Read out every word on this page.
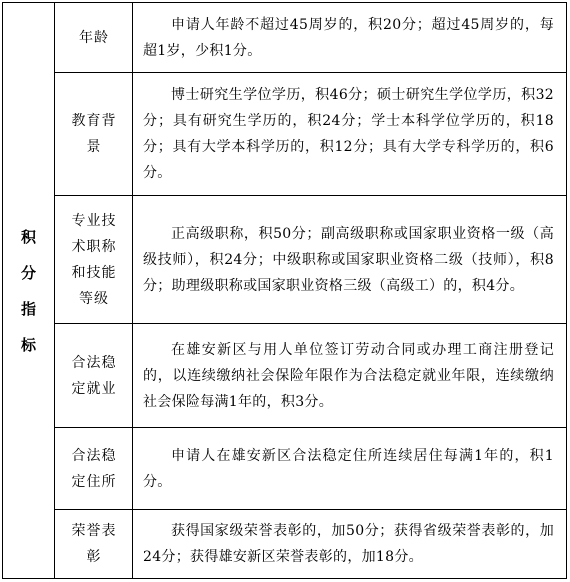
积分指标	年龄	申请人年龄不超过45周岁的，积20分；超过45周岁的，每超1岁，少积1分。
	教育背景	博士研究生学位学历，积46分；硕士研究生学位学历，积32分；具有研究生学历的，积24分；学士本科学位学历的，积18分；具有大学本科学历的，积12分；具有大学专科学历的，积6分。
	专业技术职称和技能等级	正高级职称，积50分；副高级职称或国家职业资格一级（高级技师），积24分；中级职称或国家职业资格二级（技师），积8分；助理级职称或国家职业资格三级（高级工）的，积4分。
	合法稳定就业	在雄安新区与用人单位签订劳动合同或办理工商注册登记的，以连续缴纳社会保险年限作为合法稳定就业年限，连续缴纳社会保险每满1年的，积3分。
	合法稳定住所	申请人在雄安新区合法稳定住所连续居住每满1年的，积1分。
	荣誉表彰	获得国家级荣誉表彰的，加50分；获得省级荣誉表彰的，加24分；获得雄安新区荣誉表彰的，加18分。
